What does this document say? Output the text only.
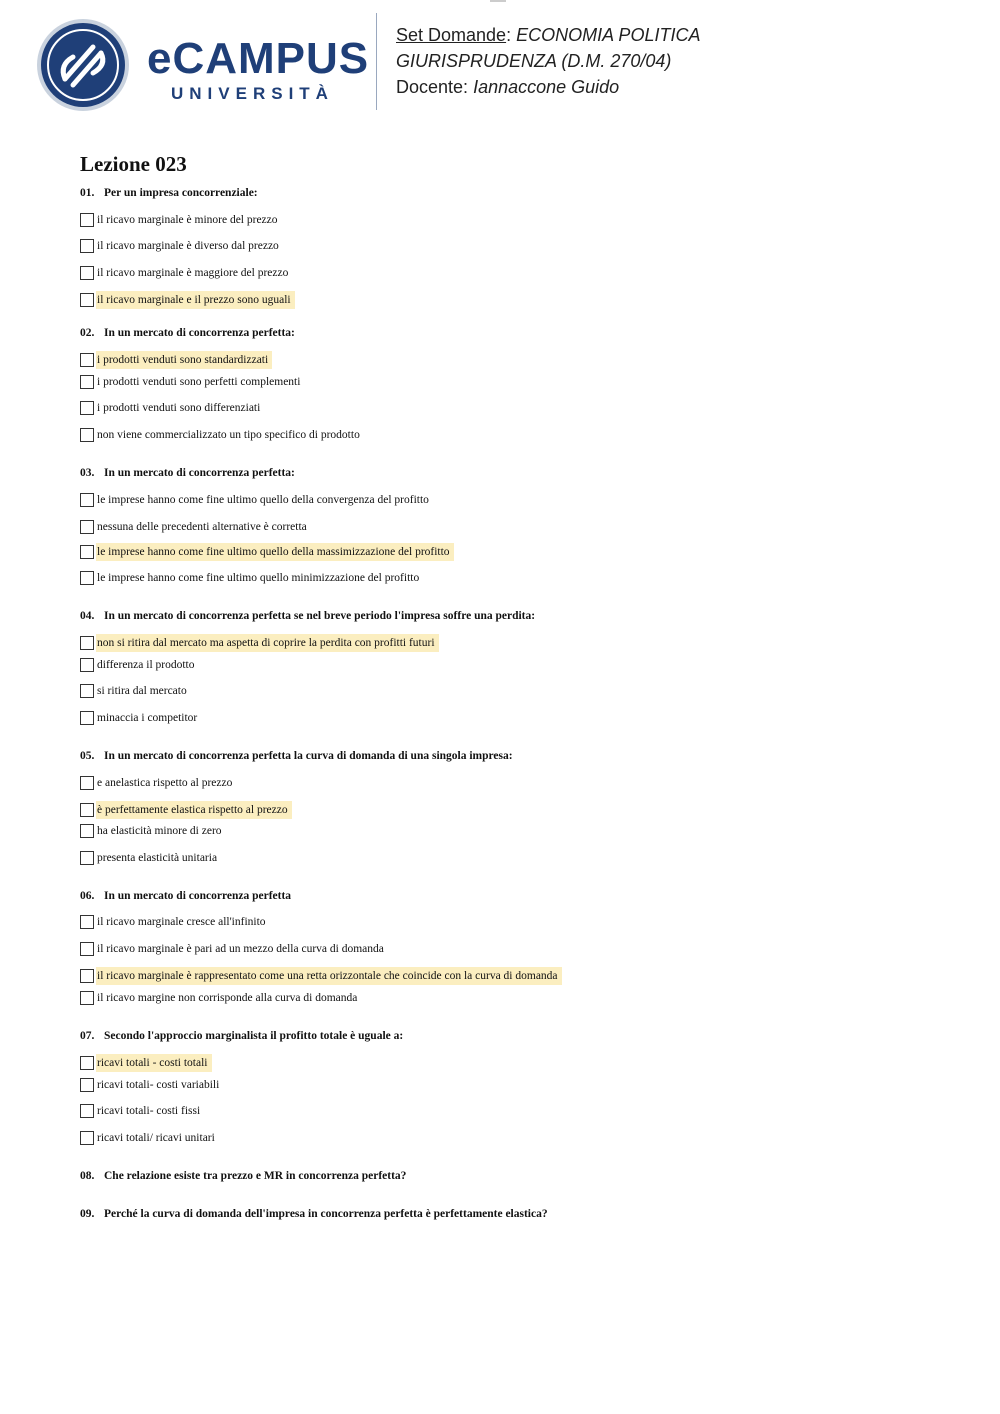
eCAMPUS
UNIVERSITÀ
Set Domande: ECONOMIA POLITICA
GIURISPRUDENZA (D.M. 270/04)
Docente: Iannaccone Guido
Lezione 023
01. Per un impresa concorrenziale:
il ricavo marginale è minore del prezzo
il ricavo marginale è diverso dal prezzo
il ricavo marginale è maggiore del prezzo
il ricavo marginale e il prezzo sono uguali
02. In un mercato di concorrenza perfetta:
i prodotti venduti sono standardizzati
i prodotti venduti sono perfetti complementi
i prodotti venduti sono differenziati
non viene commercializzato un tipo specifico di prodotto
03. In un mercato di concorrenza perfetta:
le imprese hanno come fine ultimo quello della convergenza del profitto
nessuna delle precedenti alternative è corretta
le imprese hanno come fine ultimo quello della massimizzazione del profitto
le imprese hanno come fine ultimo quello minimizzazione del profitto
04. In un mercato di concorrenza perfetta se nel breve periodo l'impresa soffre una perdita:
non si ritira dal mercato ma aspetta di coprire la perdita con profitti futuri
differenza il prodotto
si ritira dal mercato
minaccia i competitor
05. In un mercato di concorrenza perfetta la curva di domanda di una singola impresa:
e anelastica rispetto al prezzo
è perfettamente elastica rispetto al prezzo
ha elasticità minore di zero
presenta elasticità unitaria
06. In un mercato di concorrenza perfetta
il ricavo marginale cresce all'infinito
il ricavo marginale è pari ad un mezzo della curva di domanda
il ricavo marginale è rappresentato come una retta orizzontale che coincide con la curva di domanda
il ricavo margine non corrisponde alla curva di domanda
07. Secondo l'approccio marginalista il profitto totale è uguale a:
ricavi totali - costi totali
ricavi totali- costi variabili
ricavi totali- costi fissi
ricavi totali/ ricavi unitari
08. Che relazione esiste tra prezzo e MR in concorrenza perfetta?
09. Perché la curva di domanda dell'impresa in concorrenza perfetta è perfettamente elastica?
